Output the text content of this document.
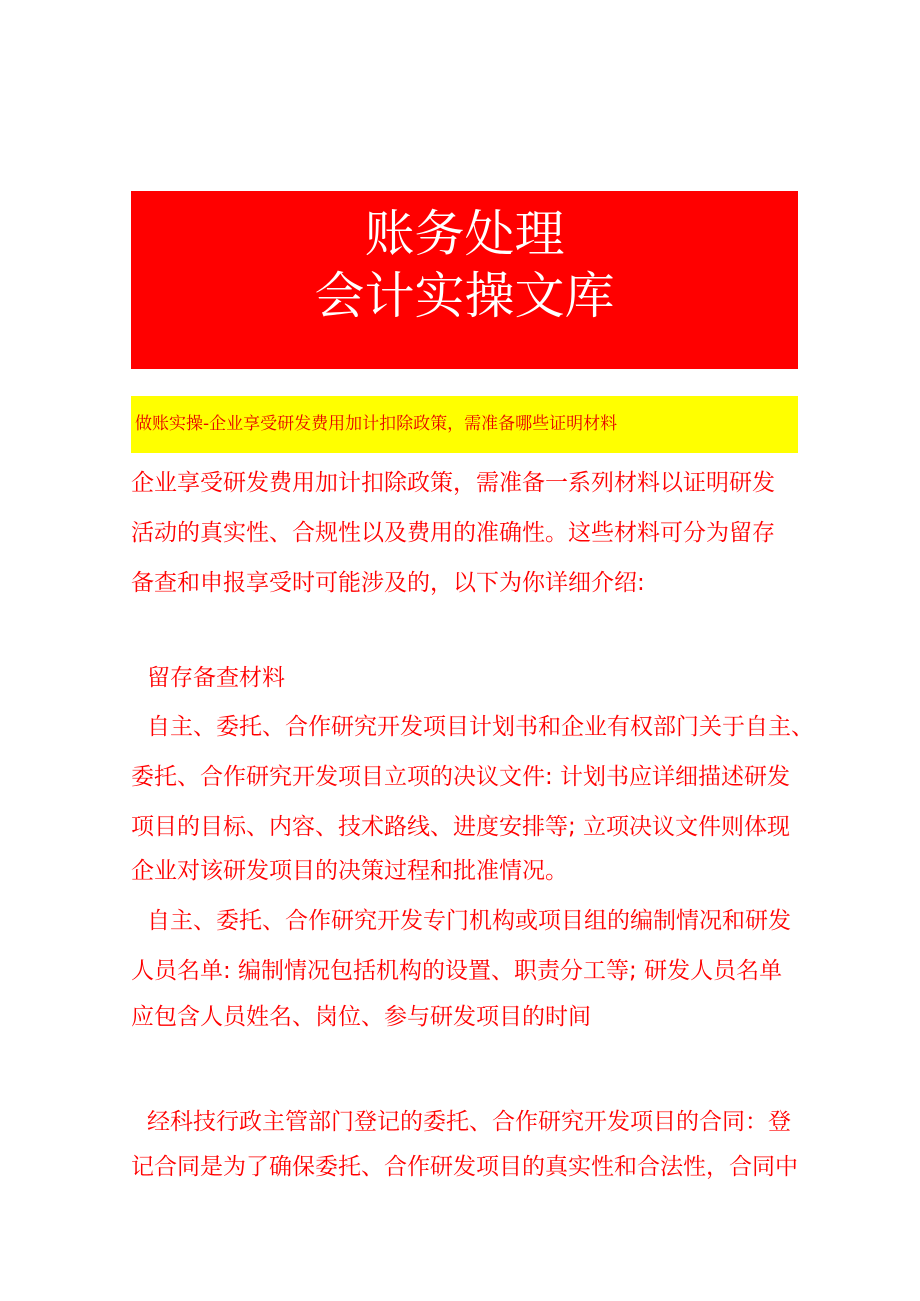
账务处理
会计实操文库
做账实操-企业享受研发费用加计扣除政策，需准备哪些证明材料
企业享受研发费用加计扣除政策，需准备一系列材料以证明研发
活动的真实性、合规性以及费用的准确性。这些材料可分为留存
备查和申报享受时可能涉及的，以下为你详细介绍:
留存备查材料
自主、委托、合作研究开发项目计划书和企业有权部门关于自主、
委托、合作研究开发项目立项的决议文件: 计划书应详细描述研发
项目的目标、内容、技术路线、进度安排等; 立项决议文件则体现
企业对该研发项目的决策过程和批准情况。
自主、委托、合作研究开发专门机构或项目组的编制情况和研发
人员名单: 编制情况包括机构的设置、职责分工等; 研发人员名单
应包含人员姓名、岗位、参与研发项目的时间
经科技行政主管部门登记的委托、合作研究开发项目的合同：登
记合同是为了确保委托、合作研发项目的真实性和合法性，合同中
